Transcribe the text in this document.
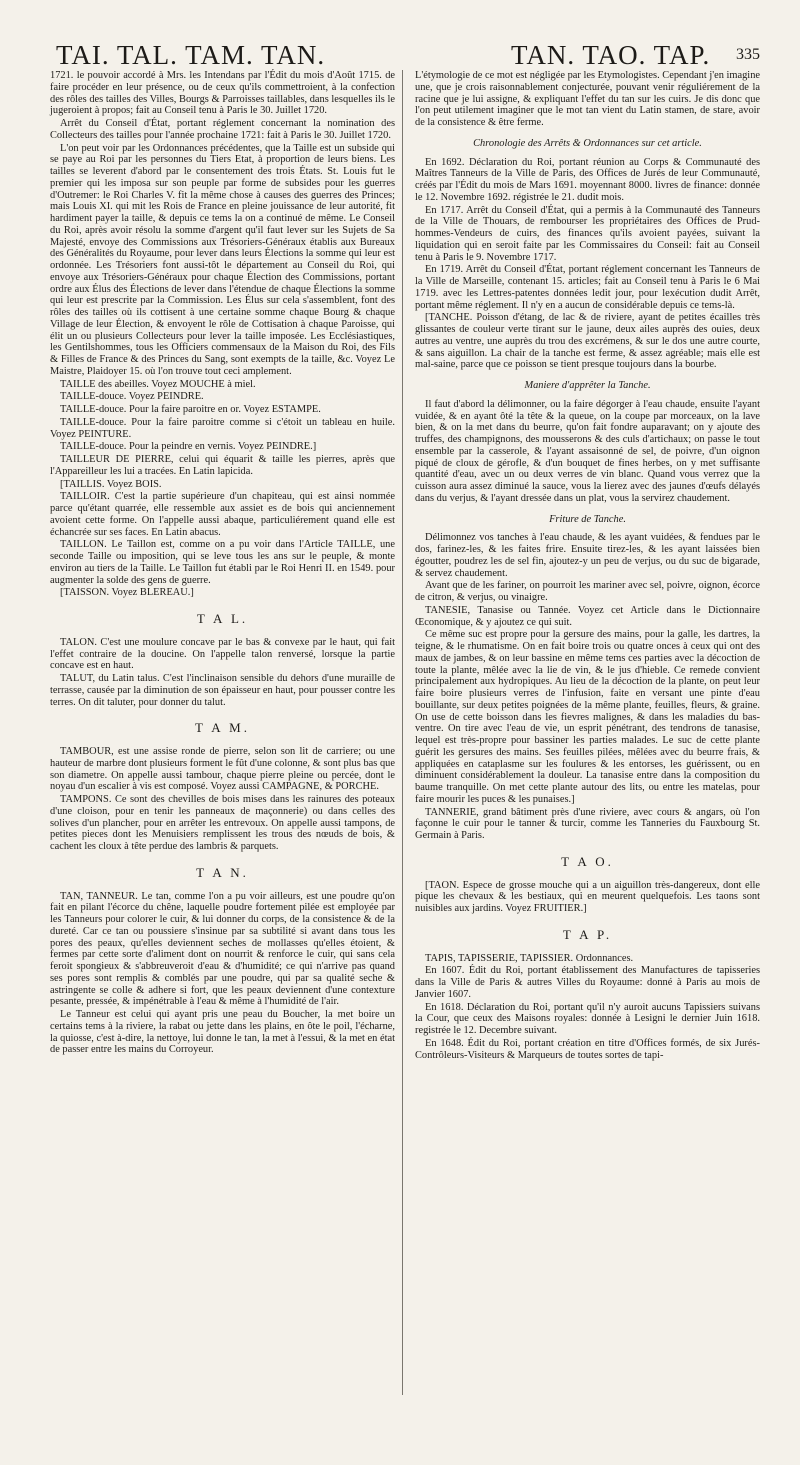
TAI. TAL. TAM. TAN.	TAN. TAO. TAP. 335

1721. le pouvoir accordé à Mrs. les Intendans par l'Édit du mois d'Août 1715. de faire procéder en leur présence, ou de ceux qu'ils commettroient, à la confection des rôles des tailles des Villes, Bourgs & Parroisses taillables, dans lesquelles ils le jugeroient à propos; fait au Conseil tenu à Paris le 30. Juillet 1720.

Arrêt du Conseil d'État, portant réglement concernant la nomination des Collecteurs des tailles pour l'année prochaine 1721: fait à Paris le 30. Juillet 1720.

L'on peut voir par les Ordonnances précédentes, que la Taille est un subside qui se paye au Roi par les personnes du Tiers Etat, à proportion de leurs biens. Les tailles se leverent d'abord par le consentement des trois États. St. Louis fut le premier qui les imposa sur son peuple par forme de subsides pour les guerres d'Outremer: le Roi Charles V. fit la même chose à causes des guerres des Princes; mais Louis XI. qui mit les Rois de France en pleine jouissance de leur autorité, fit hardiment payer la taille, & depuis ce tems la on a continué de même. Le Conseil du Roi, après avoir résolu la somme d'argent qu'il faut lever sur les Sujets de Sa Majesté, envoye des Commissions aux Trésoriers-Généraux établis aux Bureaux des Généralités du Royaume, pour lever dans leurs Élections la somme qui leur est ordonnée. Les Trésoriers font aussi-tôt le département au Conseil du Roi, qui envoye aux Trésoriers-Généraux pour chaque Élection des Commissions, portant ordre aux Élus des Élections de lever dans l'étendue de chaque Élections la somme qui leur est prescrite par la Commission. Les Élus sur cela s'assemblent, font des rôles des tailles où ils cottisent à une certaine somme chaque Bourg & chaque Village de leur Élection, & envoyent le rôle de Cottisation à chaque Paroisse, qui élit un ou plusieurs Collecteurs pour lever la taille imposée. Les Ecclésiastiques, les Gentilshommes, tous les Officiers commensaux de la Maison du Roi, des Fils & Filles de France & des Princes du Sang, sont exempts de la taille, &c. Voyez Le Maistre, Plaidoyer 15. où l'on trouve tout ceci amplement.

TAILLE des abeilles. Voyez MOUCHE à miel.

TAILLE-douce. Voyez PEINDRE.

TAILLE-douce. Pour la faire paroitre en or. Voyez ESTAMPE.

TAILLE-douce. Pour la faire paroitre comme si c'étoit un tableau en huile. Voyez PEINTURE.

TAILLE-douce. Pour la peindre en vernis. Voyez PEINDRE.]

TAILLEUR DE PIERRE, celui qui équarit & taille les pierres, après que l'Appareilleur les lui a tracées. En Latin lapicida.

[TAILLIS. Voyez BOIS.

TAILLOIR. C'est la partie supérieure d'un chapiteau, qui est ainsi nommée parce qu'étant quarrée, elle ressemble aux assiet es de bois qui anciennement avoient cette forme. On l'appelle aussi abaque, particuliérement quand elle est échancrée sur ses faces. En Latin abacus.

TAILLON. Le Taillon est, comme on a pu voir dans l'Article TAILLE, une seconde Taille ou imposition, qui se leve tous les ans sur le peuple, & monte environ au tiers de la Taille. Le Taillon fut établi par le Roi Henri II. en 1549. pour augmenter la solde des gens de guerre.

[TAISSON. Voyez BLEREAU.]

T A L.

TALON. C'est une moulure concave par le bas & convexe par le haut, qui fait l'effet contraire de la doucine. On l'appelle talon renversé, lorsque la partie concave est en haut.

TALUT, du Latin talus. C'est l'inclinaison sensible du dehors d'une muraille de terrasse, causée par la diminution de son épaisseur en haut, pour pousser contre les terres. On dit taluter, pour donner du talut.

T A M.

TAMBOUR, est une assise ronde de pierre, selon son lit de carriere; ou une hauteur de marbre dont plusieurs forment le fût d'une colonne, & sont plus bas que son diametre. On appelle aussi tambour, chaque pierre pleine ou percée, dont le noyau d'un escalier à vis est composé. Voyez aussi CAMPAGNE, & PORCHE.

TAMPONS. Ce sont des chevilles de bois mises dans les rainures des poteaux d'une cloison, pour en tenir les panneaux de maçonnerie) ou dans celles des solives d'un plancher, pour en arrêter les entrevoux. On appelle aussi tampons, de petites pieces dont les Menuisiers remplissent les trous des nœuds de bois, & cachent les cloux à tête perdue des lambris & parquets.

T A N.

TAN, TANNEUR. Le tan, comme l'on a pu voir ailleurs, est une poudre qu'on fait en pilant l'écorce du chêne, laquelle poudre fortement pilée est employée par les Tanneurs pour colorer le cuir, & lui donner du corps, de la consistence & de la dureté. Car ce tan ou poussiere s'insinue par sa subtilité si avant dans tous les pores des peaux, qu'elles deviennent seches de mollasses qu'elles étoient, & fermes par cette sorte d'aliment dont on nourrit & renforce le cuir, qui sans cela feroit spongieux & s'abbreuveroit d'eau & d'humidité; ce qui n'arrive pas quand ses pores sont remplis & comblés par une poudre, qui par sa qualité seche & astringente se colle & adhere si fort, que les peaux deviennent d'une contexture pesante, pressée, & impénétrable à l'eau & même à l'humidité de l'air.

Le Tanneur est celui qui ayant pris une peau du Boucher, la met boire un certains tems à la riviere, la rabat ou jette dans les plains, en ôte le poil, l'écharne, la quiosse, c'est à-dire, la nettoye, lui donne le tan, la met à l'essui, & la met en état de passer entre les mains du Corroyeur.

L'étymologie de ce mot est négligée par les Etymologistes. Cependant j'en imagine une, que je crois raisonnablement conjecturée, pouvant venir réguliérement de la racine que je lui assigne, & expliquant l'effet du tan sur les cuirs. Je dis donc que l'on peut utilement imaginer que le mot tan vient du Latin stamen, de stare, avoir de la consistence & être ferme.

Chronologie des Arrêts & Ordonnances sur cet article.

En 1692. Déclaration du Roi, portant réunion au Corps & Communauté des Maîtres Tanneurs de la Ville de Paris, des Offices de Jurés de leur Communauté, créés par l'Édit du mois de Mars 1691. moyennant 8000. livres de finance: donnée le 12. Novembre 1692. régistrée le 21. dudit mois.

En 1717. Arrêt du Conseil d'État, qui a permis à la Communauté des Tanneurs de la Ville de Thouars, de rembourser les propriétaires des Offices de Prud-hommes-Vendeurs de cuirs, des finances qu'ils avoient payées, suivant la liquidation qui en seroit faite par les Commissaires du Conseil: fait au Conseil tenu à Paris le 9. Novembre 1717.

En 1719. Arrêt du Conseil d'État, portant réglement concernant les Tanneurs de la Ville de Marseille, contenant 15. articles; fait au Conseil tenu à Paris le 6 Mai 1719. avec les Lettres-patentes données ledit jour, pour lexécution dudit Arrêt, portant même réglement. Il n'y en a aucun de considérable depuis ce tems-là.

[TANCHE. Poisson d'étang, de lac & de riviere, ayant de petites écailles très glissantes de couleur verte tirant sur le jaune, deux ailes auprès des ouies, deux autres au ventre, une auprès du trou des excrémens, & sur le dos une autre courte, & sans aiguillon. La chair de la tanche est ferme, & assez agréable; mais elle est mal-saine, parce que ce poisson se tient presque toujours dans la bourbe.

Maniere d'apprêter la Tanche.

Il faut d'abord la délimonner, ou la faire dégorger à l'eau chaude, ensuite l'ayant vuidée, & en ayant ôté la tête & la queue, on la coupe par morceaux, on la lave bien, & on la met dans du beurre, qu'on fait fondre auparavant; on y ajoute des truffes, des champignons, des mousserons & des culs d'artichaux; on passe le tout ensemble par la casserole, & l'ayant assaisonné de sel, de poivre, d'un oignon piqué de cloux de gérofle, & d'un bouquet de fines herbes, on y met suffisante quantité d'eau, avec un ou deux verres de vin blanc. Quand vous verrez que la cuisson aura assez diminué la sauce, vous la lierez avec des jaunes d'œufs délayés dans du verjus, & l'ayant dressée dans un plat, vous la servirez chaudement.

Friture de Tanche.

Délimonnez vos tanches à l'eau chaude, & les ayant vuidées, & fendues par le dos, farinez-les, & les faites frire. Ensuite tirez-les, & les ayant laissées bien égoutter, poudrez les de sel fin, ajoutez-y un peu de verjus, ou du suc de bigarade, & servez chaudement.

Avant que de les fariner, on pourroit les mariner avec sel, poivre, oignon, écorce de citron, & verjus, ou vinaigre.

TANESIE, Tanasise ou Tannée. Voyez cet Article dans le Dictionnaire Œconomique, & y ajoutez ce qui suit.

Ce même suc est propre pour la gersure des mains, pour la galle, les dartres, la teigne, & le rhumatisme. On en fait boire trois ou quatre onces à ceux qui ont des maux de jambes, & on leur bassine en même tems ces parties avec la décoction de toute la plante, mêlée avec la lie de vin, & le jus d'hieble. Ce remede convient principalement aux hydropiques. Au lieu de la décoction de la plante, on peut leur faire boire plusieurs verres de l'infusion, faite en versant une pinte d'eau bouillante, sur deux petites poignées de la même plante, feuilles, fleurs, & graine. On use de cette boisson dans les fievres malignes, & dans les maladies du bas-ventre. On tire avec l'eau de vie, un esprit pénétrant, des tendrons de tanasise, lequel est très-propre pour bassiner les parties malades. Le suc de cette plante guérit les gersures des mains. Ses feuilles pilées, mêlées avec du beurre frais, & appliquées en cataplasme sur les foulures & les entorses, les guérissent, ou en diminuent considérablement la douleur. La tanasise entre dans la composition du baume tranquille. On met cette plante autour des lits, ou entre les matelas, pour faire mourir les puces & les punaises.]

TANNERIE, grand bâtiment près d'une riviere, avec cours & angars, où l'on façonne le cuir pour le tanner & turcir, comme les Tanneries du Fauxbourg St. Germain à Paris.

T A O.

[TAON. Espece de grosse mouche qui a un aiguillon très-dangereux, dont elle pique les chevaux & les bestiaux, qui en meurent quelquefois. Les taons sont nuisibles aux jardins. Voyez FRUITIER.]

T A P.

TAPIS, TAPISSERIE, TAPISSIER. Ordonnances.

En 1607. Édit du Roi, portant établissement des Manufactures de tapisseries dans la Ville de Paris & autres Villes du Royaume: donné à Paris au mois de Janvier 1607.

En 1618. Déclaration du Roi, portant qu'il n'y auroit aucuns Tapissiers suivans la Cour, que ceux des Maisons royales: donnée à Lesigni le dernier Juin 1618. registrée le 12. Decembre suivant.

En 1648. Édit du Roi, portant création en titre d'Offices formés, de six Jurés-Contrôleurs-Visiteurs & Marqueurs de toutes sortes de tapi-
